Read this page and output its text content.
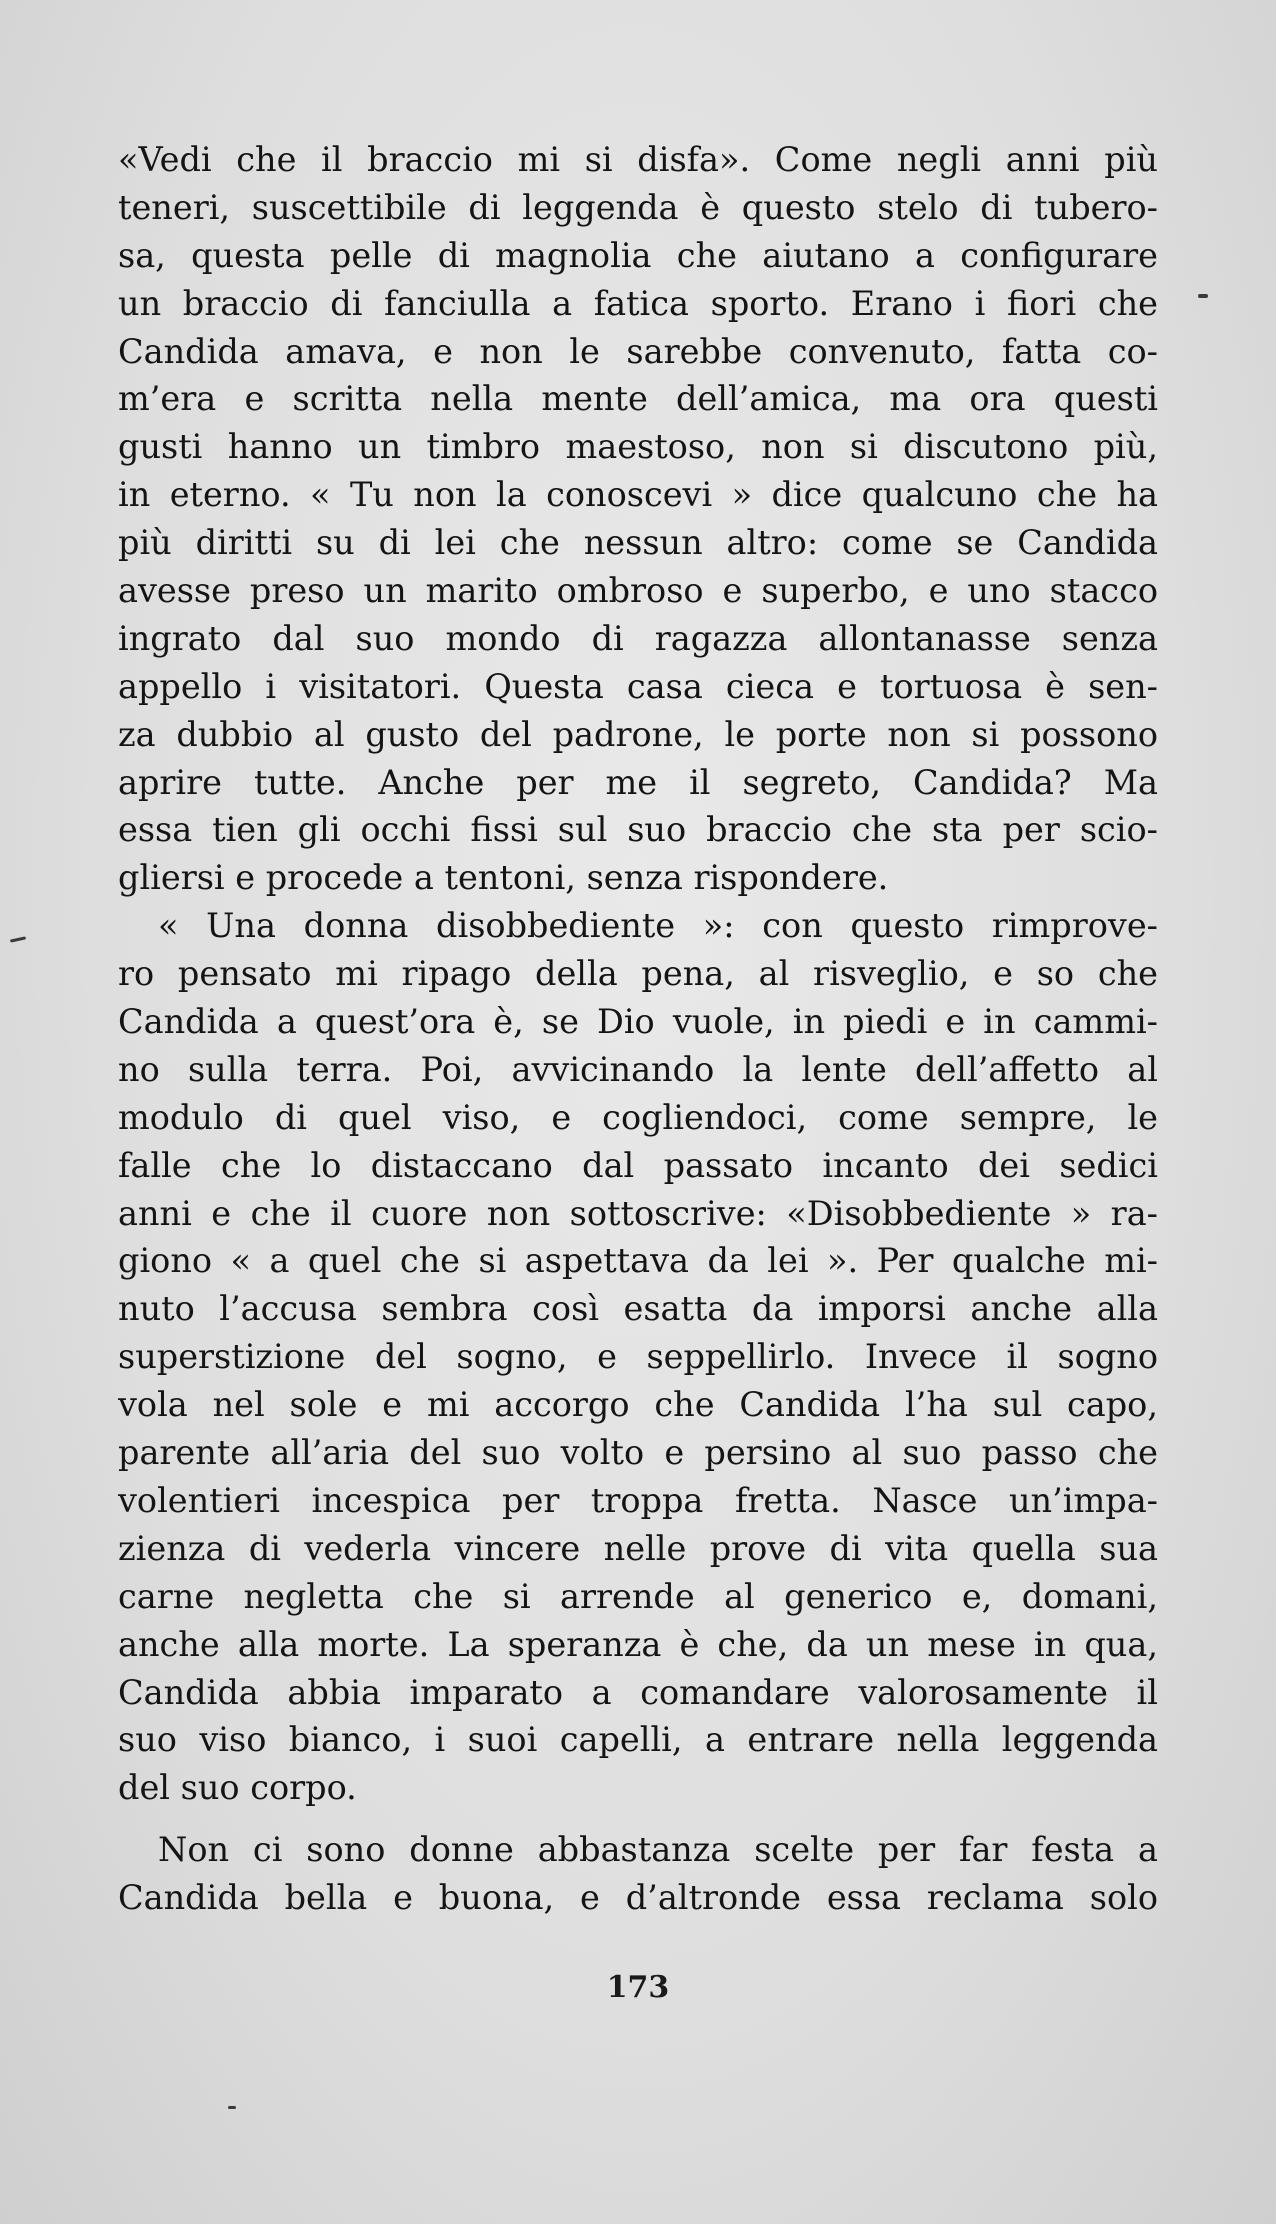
«Vedi che il braccio mi si disfa». Come negli anni più
teneri, suscettibile di leggenda è questo stelo di tubero-
sa, questa pelle di magnolia che aiutano a configurare
un braccio di fanciulla a fatica sporto. Erano i fiori che
Candida amava, e non le sarebbe convenuto, fatta co-
m’era e scritta nella mente dell’amica, ma ora questi
gusti hanno un timbro maestoso, non si discutono più,
in eterno. « Tu non la conoscevi » dice qualcuno che ha
più diritti su di lei che nessun altro: come se Candida
avesse preso un marito ombroso e superbo, e uno stacco
ingrato dal suo mondo di ragazza allontanasse senza
appello i visitatori. Questa casa cieca e tortuosa è sen-
za dubbio al gusto del padrone, le porte non si possono
aprire tutte. Anche per me il segreto, Candida? Ma
essa tien gli occhi fissi sul suo braccio che sta per scio-
gliersi e procede a tentoni, senza rispondere.
« Una donna disobbediente »: con questo rimprove-
ro pensato mi ripago della pena, al risveglio, e so che
Candida a quest’ora è, se Dio vuole, in piedi e in cammi-
no sulla terra. Poi, avvicinando la lente dell’affetto al
modulo di quel viso, e cogliendoci, come sempre, le
falle che lo distaccano dal passato incanto dei sedici
anni e che il cuore non sottoscrive: «Disobbediente » ra-
giono « a quel che si aspettava da lei ». Per qualche mi-
nuto l’accusa sembra così esatta da imporsi anche alla
superstizione del sogno, e seppellirlo. Invece il sogno
vola nel sole e mi accorgo che Candida l’ha sul capo,
parente all’aria del suo volto e persino al suo passo che
volentieri incespica per troppa fretta. Nasce un’impa-
zienza di vederla vincere nelle prove di vita quella sua
carne negletta che si arrende al generico e, domani,
anche alla morte. La speranza è che, da un mese in qua,
Candida abbia imparato a comandare valorosamente il
suo viso bianco, i suoi capelli, a entrare nella leggenda
del suo corpo.
Non ci sono donne abbastanza scelte per far festa a
Candida bella e buona, e d’altronde essa reclama solo
173
